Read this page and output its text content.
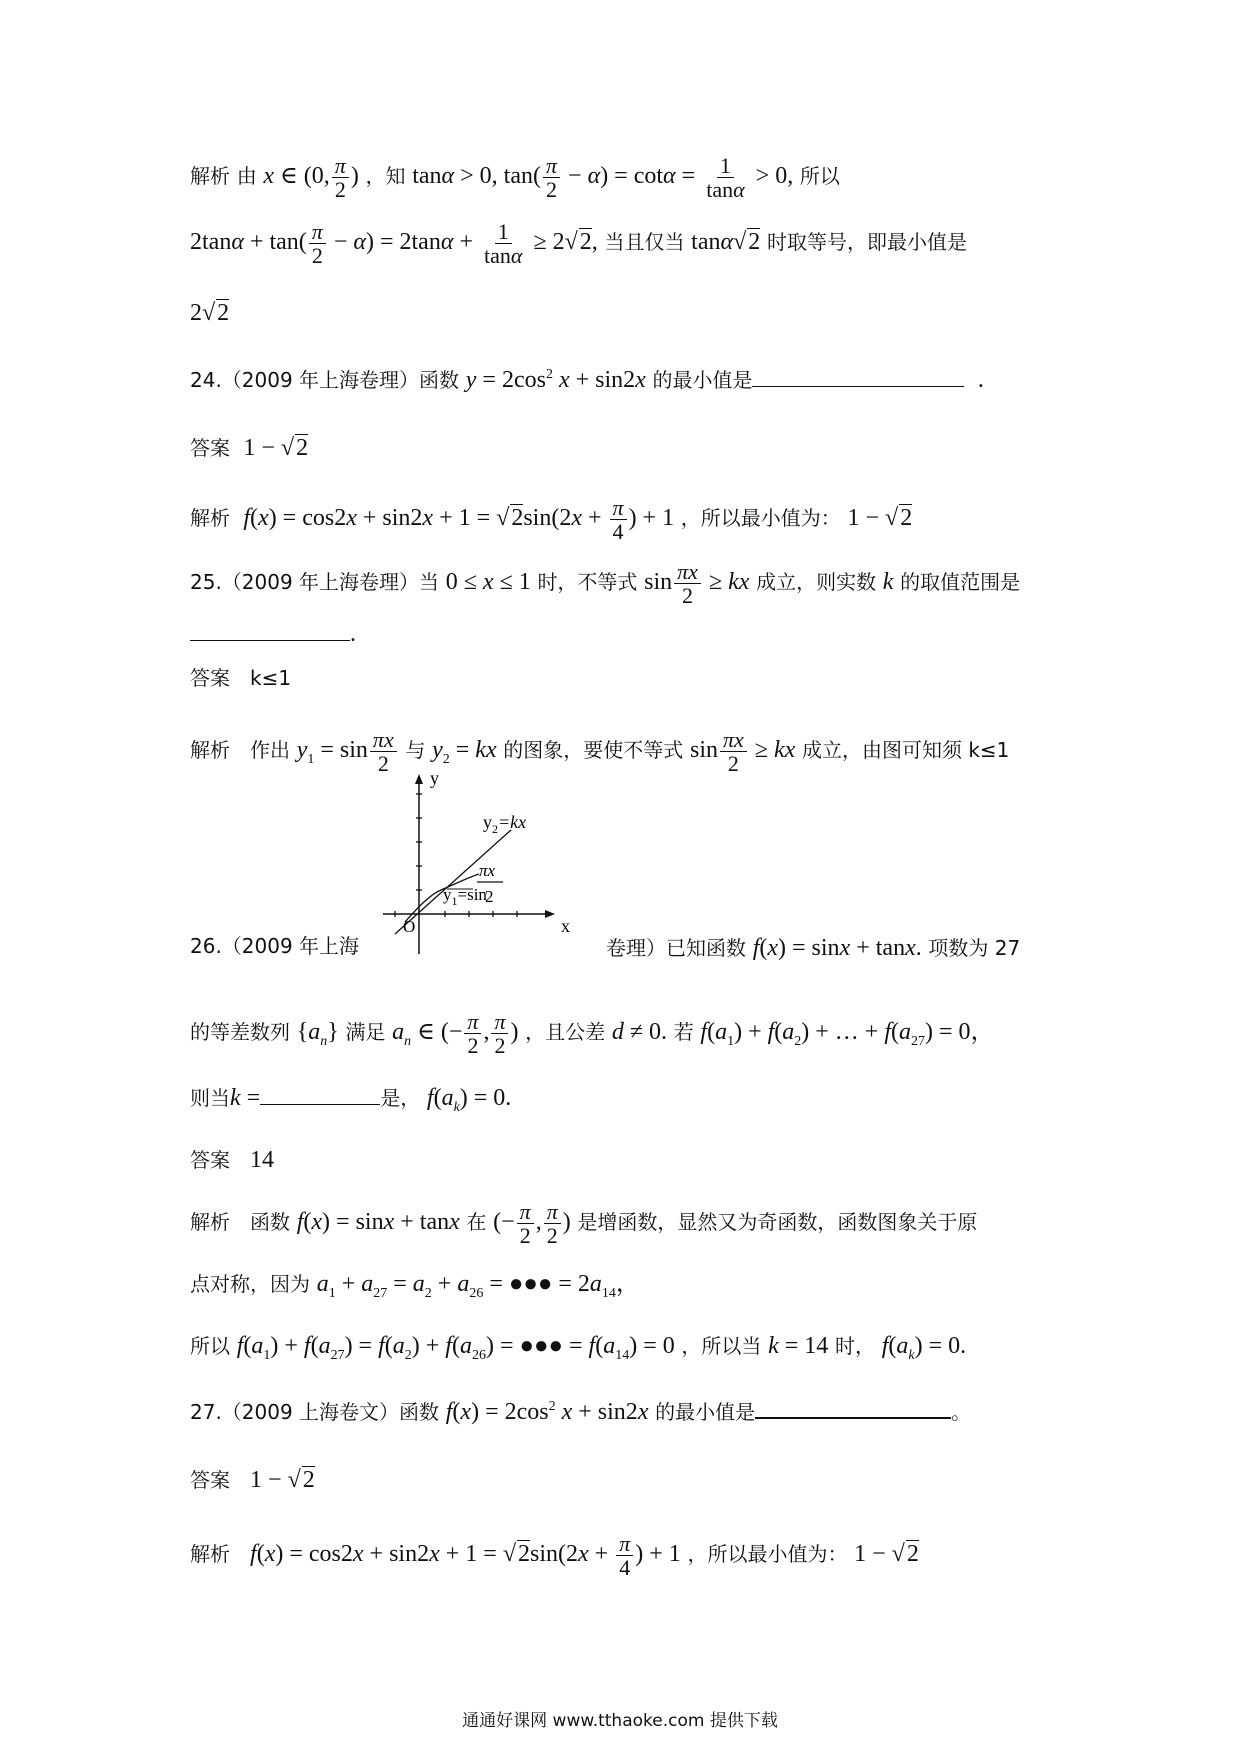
解析 由 x ∈ (0, $\frac{\pi}{2}$ ) ，知 tanα > 0, $\tan( \frac{\pi}{2} - \alpha) = \cot\alpha = \frac{1}{\tan\alpha} > 0$, 所以
$2\tan\alpha + \tan( \frac{\pi}{2} - \alpha) = 2\tan\alpha + \frac{1}{\tan\alpha} \ge 2√2$, 当且仅当 tanα√2 时取等号，即最小值是
2√2
24.（2009 年上海卷理）函数 $y = 2\cos^2$ x + sin2x 的最小值是	.
答案 1 − √2
解析 $f(x) = \cos 2x + \sin 2x + 1 = √2\sin(2x + \frac{\pi}{4}$ ) + 1 ，所以最小值为： 1 − √2
25.（2009 年上海卷理）当 0 ≤ x ≤ 1 时，不等式 $\sin \frac{\pi x}{2}$ ≥ kx 成立，则实数 k 的取值范围是
.
答案 k≤1
解析 作出 $y_1 = \sin \frac{\pi x}{2}$ 与 $y_2$ = kx 的图象，要使不等式 $\sin \frac{\pi x}{2}$ ≥ kx 成立，由图可知须 k≤1
y
x
O
$y_2=kx$
$y_1=\sin$
πx
2
26.（2009 年上海	卷理）已知函数 f(x) = sinx + tanx. 项数为 27
的等差数列 $\{a_n\}$ 满足 $a_n$ ∈ (− $\frac{\pi}{2}$ , $\frac{\pi}{2}$ ) ，且公差 d ≠ 0. 若 $f(a_1) + f(a_2)$ + … + $f(a_{27}) = 0$，
则当k =	是， $f(a_k) = 0$.
答案 14
解析 函数 f(x) = sinx + tanx 在 (− $\frac{\pi}{2}$ , $\frac{\pi}{2}$ ) 是增函数，显然又为奇函数，函数图象关于原
点对称，因为 $a_1 + a_{27} = a_2 + a_{26}$ = ●●● = $2a_{14}$，
所以 $f(a_1) + f(a_{27}) = f(a_2) + f(a_{26})$ = ●●● = $f(a_{14}) = 0$ ，所以当 k = 14 时， $f(a_k) = 0$.
27.（2009 上海卷文）函数 $f(x) = 2\cos^2$ x + sin2x 的最小值是	。
答案 1 − √2
解析 $f(x) = \cos 2x + \sin 2x + 1 = √2\sin(2x + \frac{\pi}{4}$ ) + 1 ，所以最小值为： 1 − √2
通通好课网 www.tthaoke.com 提供下载
